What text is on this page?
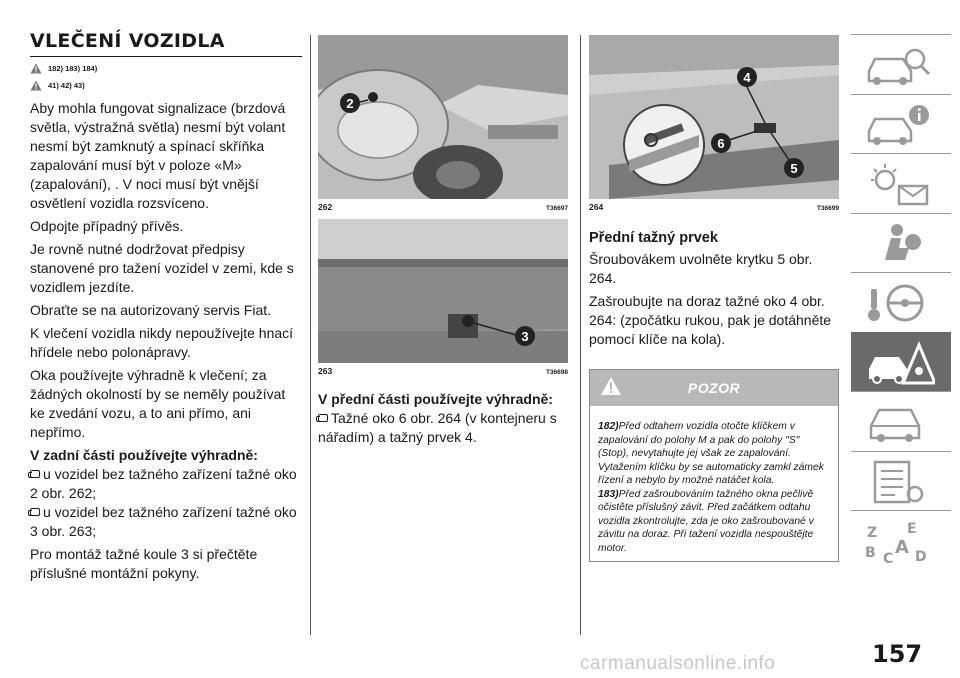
VLEČENÍ VOZIDLA
182) 183) 184)
41) 42) 43)

Aby mohla fungovat signalizace (brzdová světla, výstražná světla) nesmí být volant nesmí být zamknutý a spínací skříňka zapalování musí být v poloze «M» (zapalování), . V noci musí být vnější osvětlení vozidla rozsvíceno.

Odpojte případný přívěs.

Je rovně nutné dodržovat předpisy stanovené pro tažení vozidel v zemi, kde s vozidlem jezdíte.

Obraťte se na autorizovaný servis Fiat.

K vlečení vozidla nikdy nepoužívejte hnací hřídele nebo polonápravy.

Oka používejte výhradně k vlečení; za žádných okolností by se neměly používat ke zvedání vozu, a to ani přímo, ani nepřímo.

V zadní části používejte výhradně:

u vozidel bez tažného zařízení tažné oko 2 obr. 262;

u vozidel bez tažného zařízení tažné oko 3 obr. 263;

Pro montáž tažné koule 3 si přečtěte příslušné montážní pokyny.

2
262	T36697
3
263	T36698

V přední části používejte výhradně:

Tažné oko 6 obr. 264 (v kontejneru s nářadím) a tažný prvek 4.

4
6
5
264	T36699
Přední tažný prvek

Šroubovákem uvolněte krytku 5 obr. 264.

Zašroubujte na doraz tažné oko 4 obr. 264: (zpočátku rukou, pak je dotáhněte pomocí klíče na kola).

POZOR
182)Před odtahem vozidla otočte klíčkem v zapalování do polohy M a pak do polohy "S" (Stop), nevytahujte jej však ze zapalování. Vytažením klíčku by se automaticky zamkl zámek řízení a nebylo by možné natáčet kola.
183)Před zašroubováním tažného okna pečlivě očistěte příslušný závit. Před začátkem odtahu vozidla zkontrolujte, zda je oko zašroubované v závitu na doraz. Při tažení vozidla nespouštějte motor.
Z E
B C
A D
157
carmanualsonline.info
